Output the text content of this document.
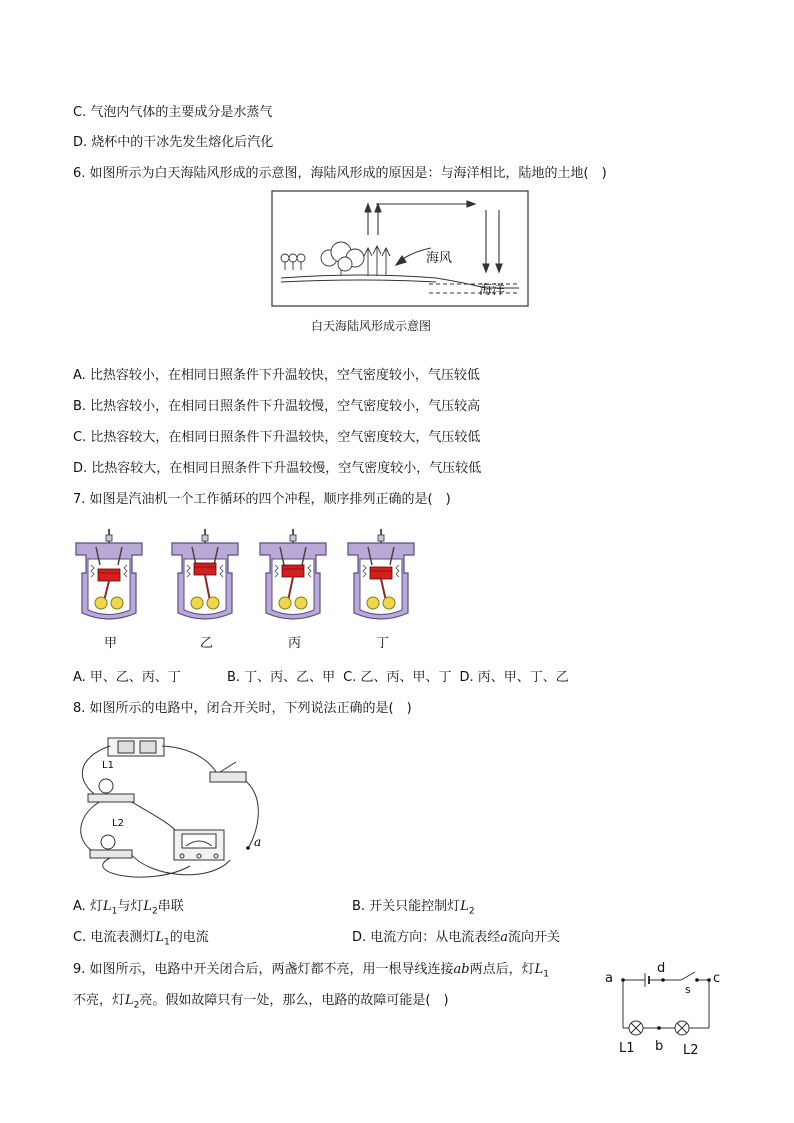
C. 气泡内气体的主要成分是水蒸气
D. 烧杯中的干冰先发生熔化后汽化
6. 如图所示为白天海陆风形成的示意图，海陆风形成的原因是：与海洋相比，陆地的土地(　)
海风
海洋
白天海陆风形成示意图
A. 比热容较小，在相同日照条件下升温较快，空气密度较小，气压较低
B. 比热容较小，在相同日照条件下升温较慢，空气密度较小，气压较高
C. 比热容较大，在相同日照条件下升温较快，空气密度较大，气压较低
D. 比热容较大，在相同日照条件下升温较慢，空气密度较小，气压较低
7. 如图是汽油机一个工作循环的四个冲程，顺序排列正确的是(　)
甲	乙	丙	丁
A. 甲、乙、丙、丁	B. 丁、丙、乙、甲 C. 乙、丙、甲、丁 D. 丙、甲、丁、乙
8. 如图所示的电路中，闭合开关时，下列说法正确的是(　)
L1
L2
a
A. 灯$L_1$与灯$L_2$串联	B. 开关只能控制灯$L_2$
C. 电流表测灯$L_1$的电流	D. 电流方向：从电流表经a流向开关
9. 如图所示，电路中开关闭合后，两盏灯都不亮，用一根导线连接ab两点后，灯$L_1$
不亮，灯$L_2$亮。假如故障只有一处，那么，电路的故障可能是(　)
a	c
d
s
b
L1	L2
